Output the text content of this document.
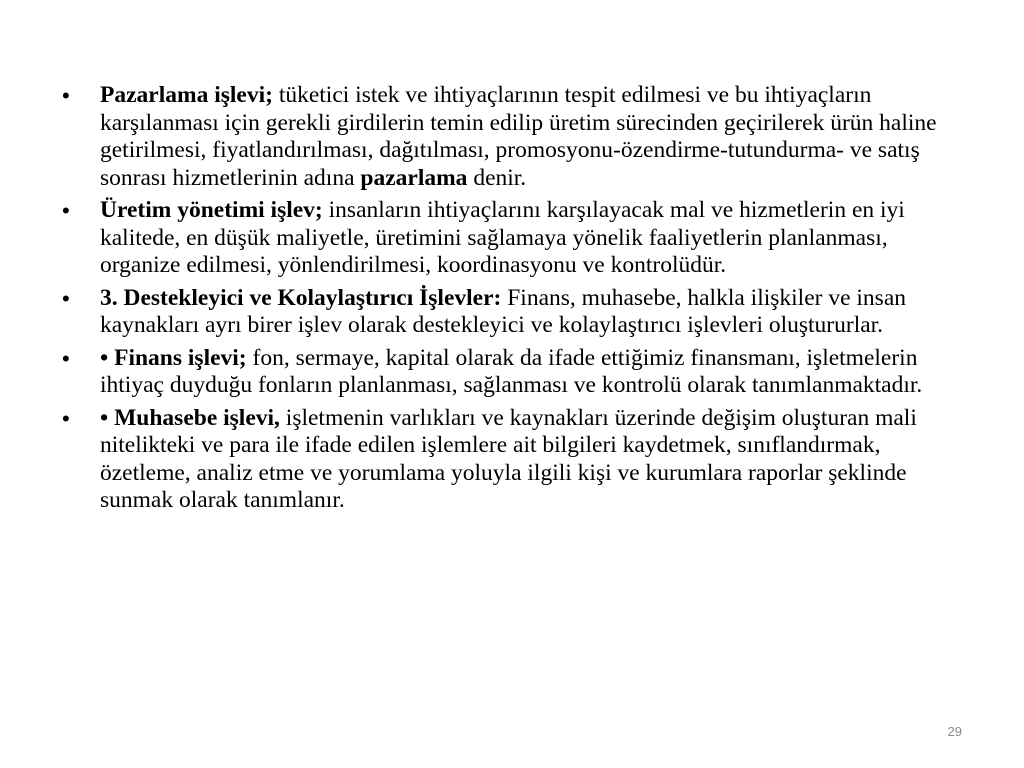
• Pazarlama işlevi; tüketici istek ve ihtiyaçlarının tespit edilmesi ve bu ihtiyaçların karşılanması için gerekli girdilerin temin edilip üretim sürecinden geçirilerek ürün haline getirilmesi, fiyatlandırılması, dağıtılması, promosyonu-özendirme-tutundurma- ve satış sonrası hizmetlerinin adına pazarlama denir.
• Üretim yönetimi işlev; insanların ihtiyaçlarını karşılayacak mal ve hizmetlerin en iyi kalitede, en düşük maliyetle, üretimini sağlamaya yönelik faaliyetlerin planlanması, organize edilmesi, yönlendirilmesi, koordinasyonu ve kontrolüdür.
• 3. Destekleyici ve Kolaylaştırıcı İşlevler: Finans, muhasebe, halkla ilişkiler ve insan kaynakları ayrı birer işlev olarak destekleyici ve kolaylaştırıcı işlevleri oluştururlar.
• • Finans işlevi; fon, sermaye, kapital olarak da ifade ettiğimiz finansmanı, işletmelerin ihtiyaç duyduğu fonların planlanması, sağlanması ve kontrolü olarak tanımlanmaktadır.
• • Muhasebe işlevi, işletmenin varlıkları ve kaynakları üzerinde değişim oluşturan mali nitelikteki ve para ile ifade edilen işlemlere ait bilgileri kaydetmek, sınıflandırmak, özetleme, analiz etme ve yorumlama yoluyla ilgili kişi ve kurumlara raporlar şeklinde sunmak olarak tanımlanır.
29
